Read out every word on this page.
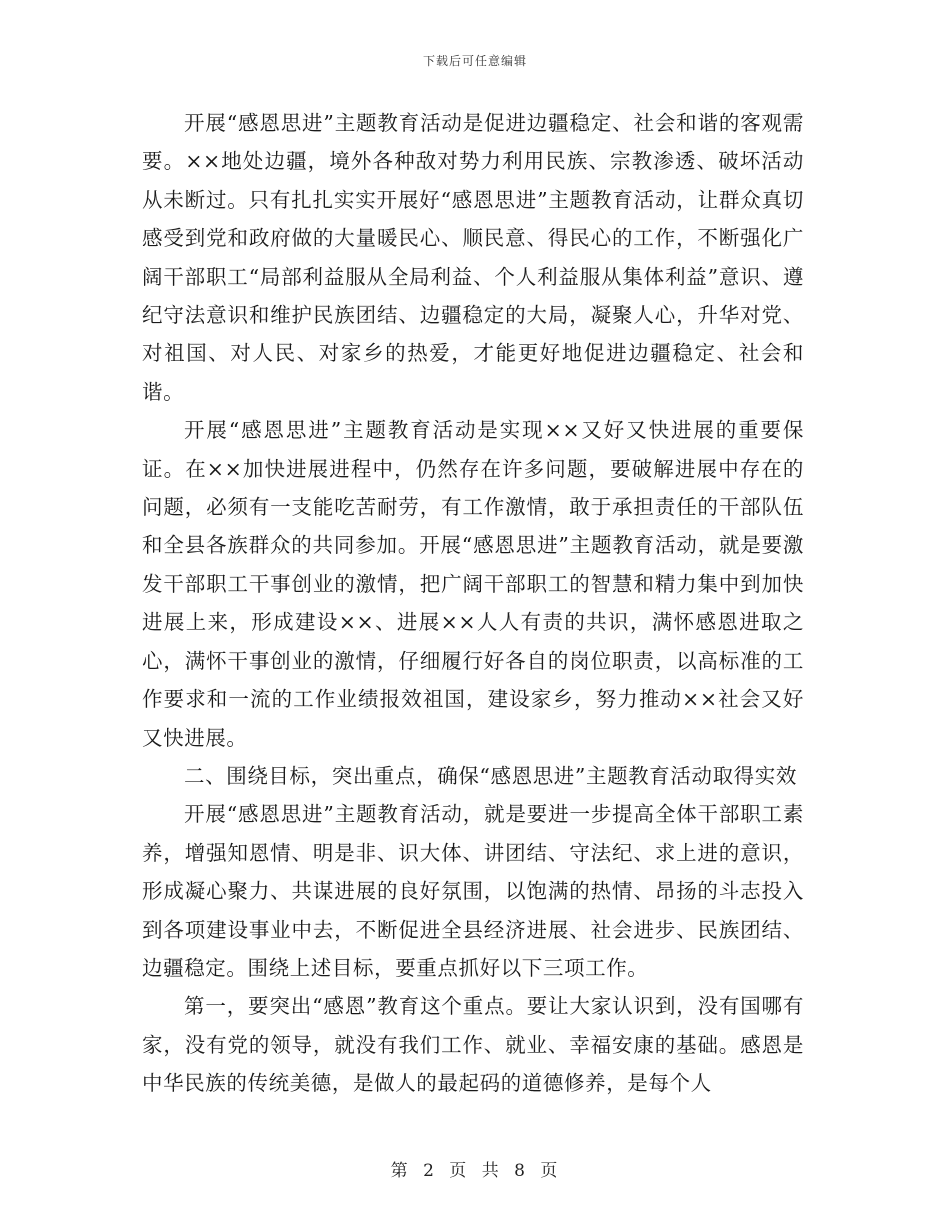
下载后可任意编辑

开展“感恩思进”主题教育活动是促进边疆稳定、社会和谐的客观需要。××地处边疆，境外各种敌对势力利用民族、宗教渗透、破坏活动从未断过。只有扎扎实实开展好“感恩思进”主题教育活动，让群众真切感受到党和政府做的大量暖民心、顺民意、得民心的工作，不断强化广阔干部职工“局部利益服从全局利益、个人利益服从集体利益”意识、遵纪守法意识和维护民族团结、边疆稳定的大局，凝聚人心，升华对党、对祖国、对人民、对家乡的热爱，才能更好地促进边疆稳定、社会和谐。

开展“感恩思进”主题教育活动是实现××又好又快进展的重要保证。在××加快进展进程中，仍然存在许多问题，要破解进展中存在的问题，必须有一支能吃苦耐劳，有工作激情，敢于承担责任的干部队伍和全县各族群众的共同参加。开展“感恩思进”主题教育活动，就是要激发干部职工干事创业的激情，把广阔干部职工的智慧和精力集中到加快进展上来，形成建设××、进展××人人有责的共识，满怀感恩进取之心，满怀干事创业的激情，仔细履行好各自的岗位职责，以高标准的工作要求和一流的工作业绩报效祖国，建设家乡，努力推动××社会又好又快进展。

二、围绕目标，突出重点，确保“感恩思进”主题教育活动取得实效

开展“感恩思进”主题教育活动，就是要进一步提高全体干部职工素养，增强知恩情、明是非、识大体、讲团结、守法纪、求上进的意识，形成凝心聚力、共谋进展的良好氛围，以饱满的热情、昂扬的斗志投入到各项建设事业中去，不断促进全县经济进展、社会进步、民族团结、边疆稳定。围绕上述目标，要重点抓好以下三项工作。

第一，要突出“感恩”教育这个重点。要让大家认识到，没有国哪有家，没有党的领导，就没有我们工作、就业、幸福安康的基础。感恩是中华民族的传统美德，是做人的最起码的道德修养，是每个人

第 2 页 共 8 页
